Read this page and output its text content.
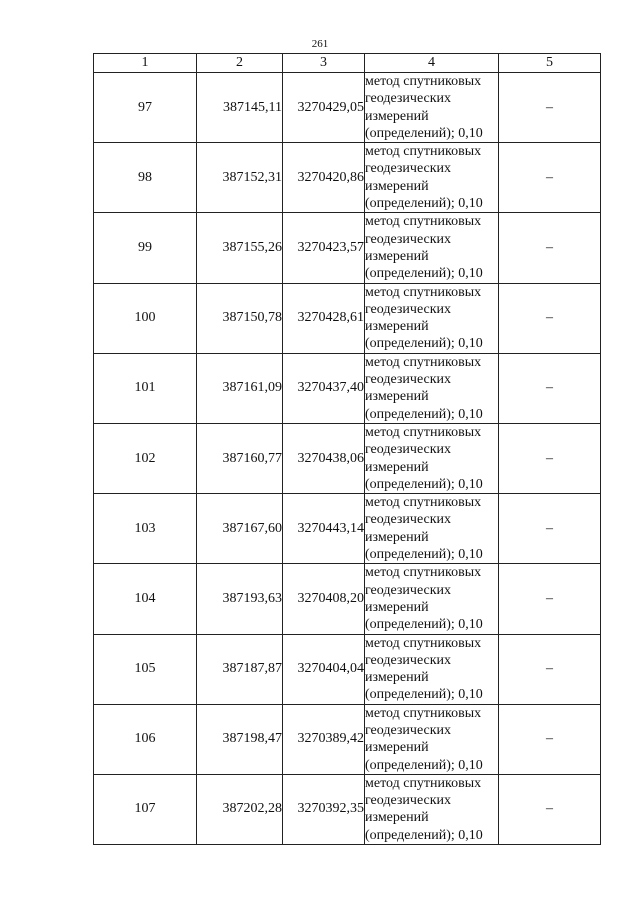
261
1	2	3	4	5
97	387145,11	3270429,05	метод спутниковых
геодезических
измерений
(определений); 0,10	–
98	387152,31	3270420,86	метод спутниковых
геодезических
измерений
(определений); 0,10	–
99	387155,26	3270423,57	метод спутниковых
геодезических
измерений
(определений); 0,10	–
100	387150,78	3270428,61	метод спутниковых
геодезических
измерений
(определений); 0,10	–
101	387161,09	3270437,40	метод спутниковых
геодезических
измерений
(определений); 0,10	–
102	387160,77	3270438,06	метод спутниковых
геодезических
измерений
(определений); 0,10	–
103	387167,60	3270443,14	метод спутниковых
геодезических
измерений
(определений); 0,10	–
104	387193,63	3270408,20	метод спутниковых
геодезических
измерений
(определений); 0,10	–
105	387187,87	3270404,04	метод спутниковых
геодезических
измерений
(определений); 0,10	–
106	387198,47	3270389,42	метод спутниковых
геодезических
измерений
(определений); 0,10	–
107	387202,28	3270392,35	метод спутниковых
геодезических
измерений
(определений); 0,10	–
